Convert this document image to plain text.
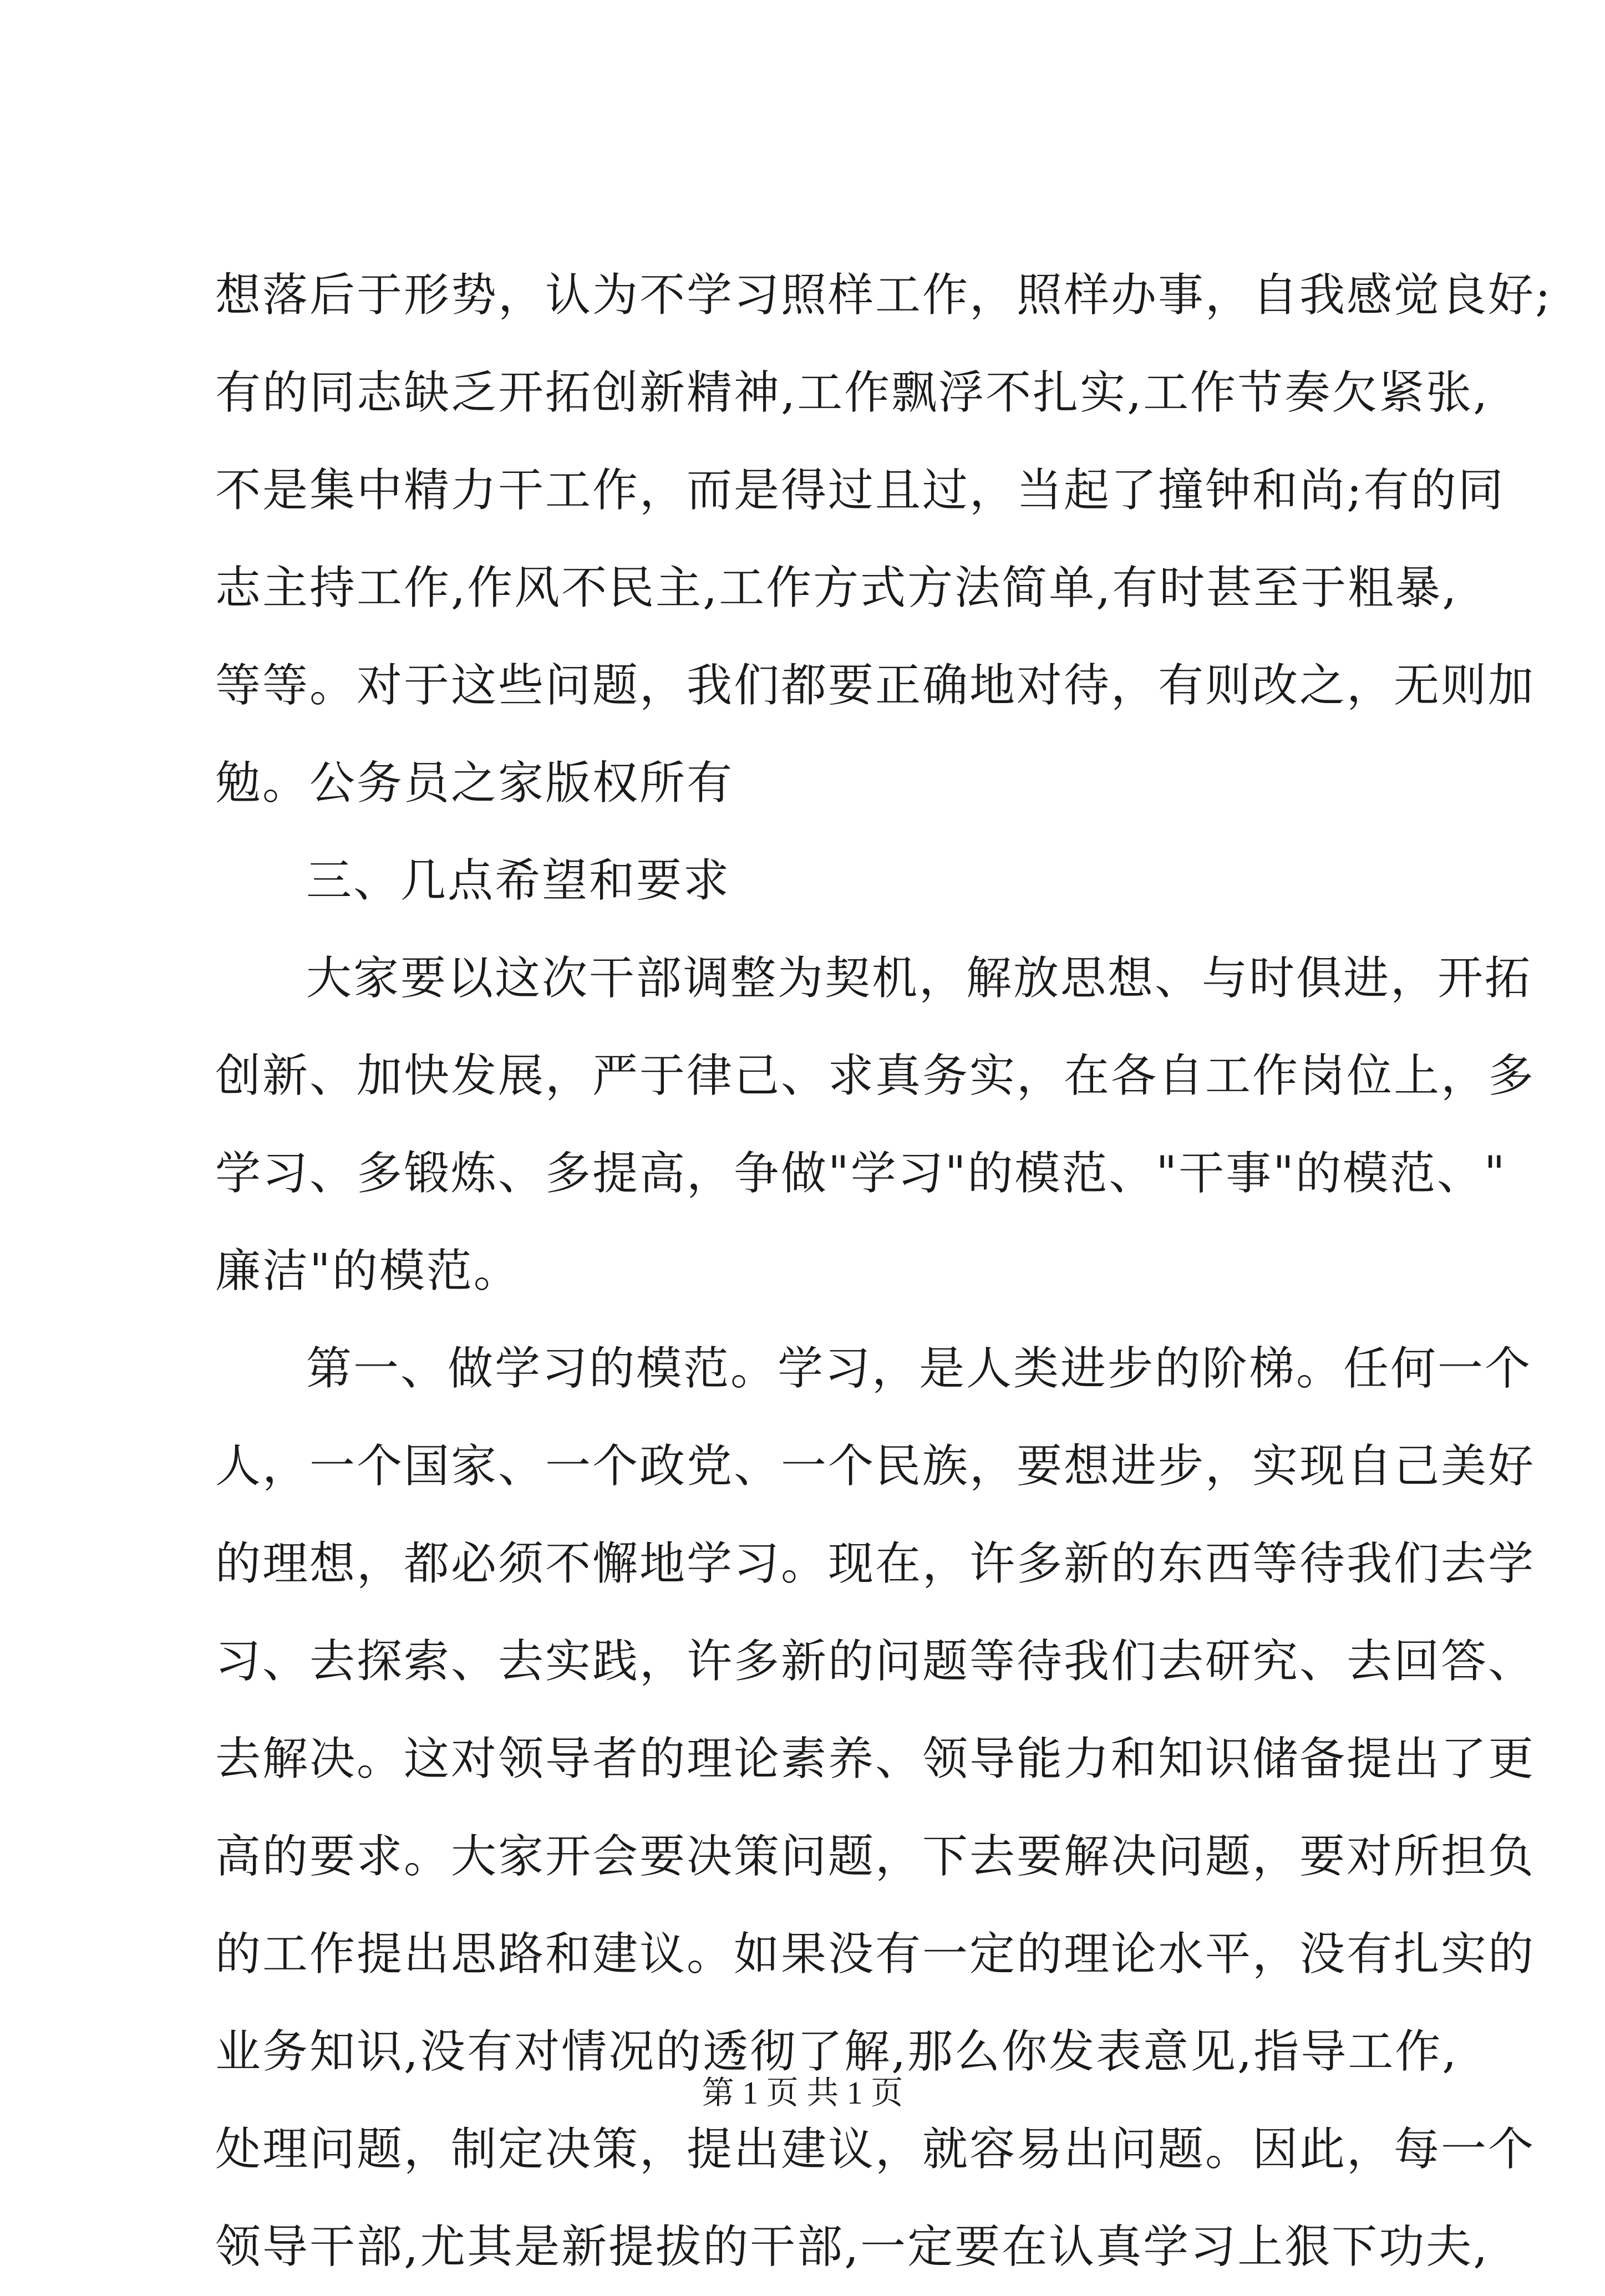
想落后于形势，认为不学习照样工作，照样办事，自我感觉良好;
有的同志缺乏开拓创新精神,工作飘浮不扎实,工作节奏欠紧张,
不是集中精力干工作，而是得过且过，当起了撞钟和尚;有的同
志主持工作,作风不民主,工作方式方法简单,有时甚至于粗暴,
等等。对于这些问题，我们都要正确地对待，有则改之，无则加
勉。公务员之家版权所有
三、几点希望和要求
大家要以这次干部调整为契机，解放思想、与时俱进，开拓
创新、加快发展，严于律己、求真务实，在各自工作岗位上，多
学习、多锻炼、多提高，争做"学习"的模范、"干事"的模范、"
廉洁"的模范。
第一、做学习的模范。学习，是人类进步的阶梯。任何一个
人，一个国家、一个政党、一个民族，要想进步，实现自己美好
的理想，都必须不懈地学习。现在，许多新的东西等待我们去学
习、去探索、去实践，许多新的问题等待我们去研究、去回答、
去解决。这对领导者的理论素养、领导能力和知识储备提出了更
高的要求。大家开会要决策问题，下去要解决问题，要对所担负
的工作提出思路和建议。如果没有一定的理论水平，没有扎实的
业务知识,没有对情况的透彻了解,那么你发表意见,指导工作,
处理问题，制定决策，提出建议，就容易出问题。因此，每一个
领导干部,尤其是新提拔的干部,一定要在认真学习上狠下功夫,
第 1 页 共 1 页
